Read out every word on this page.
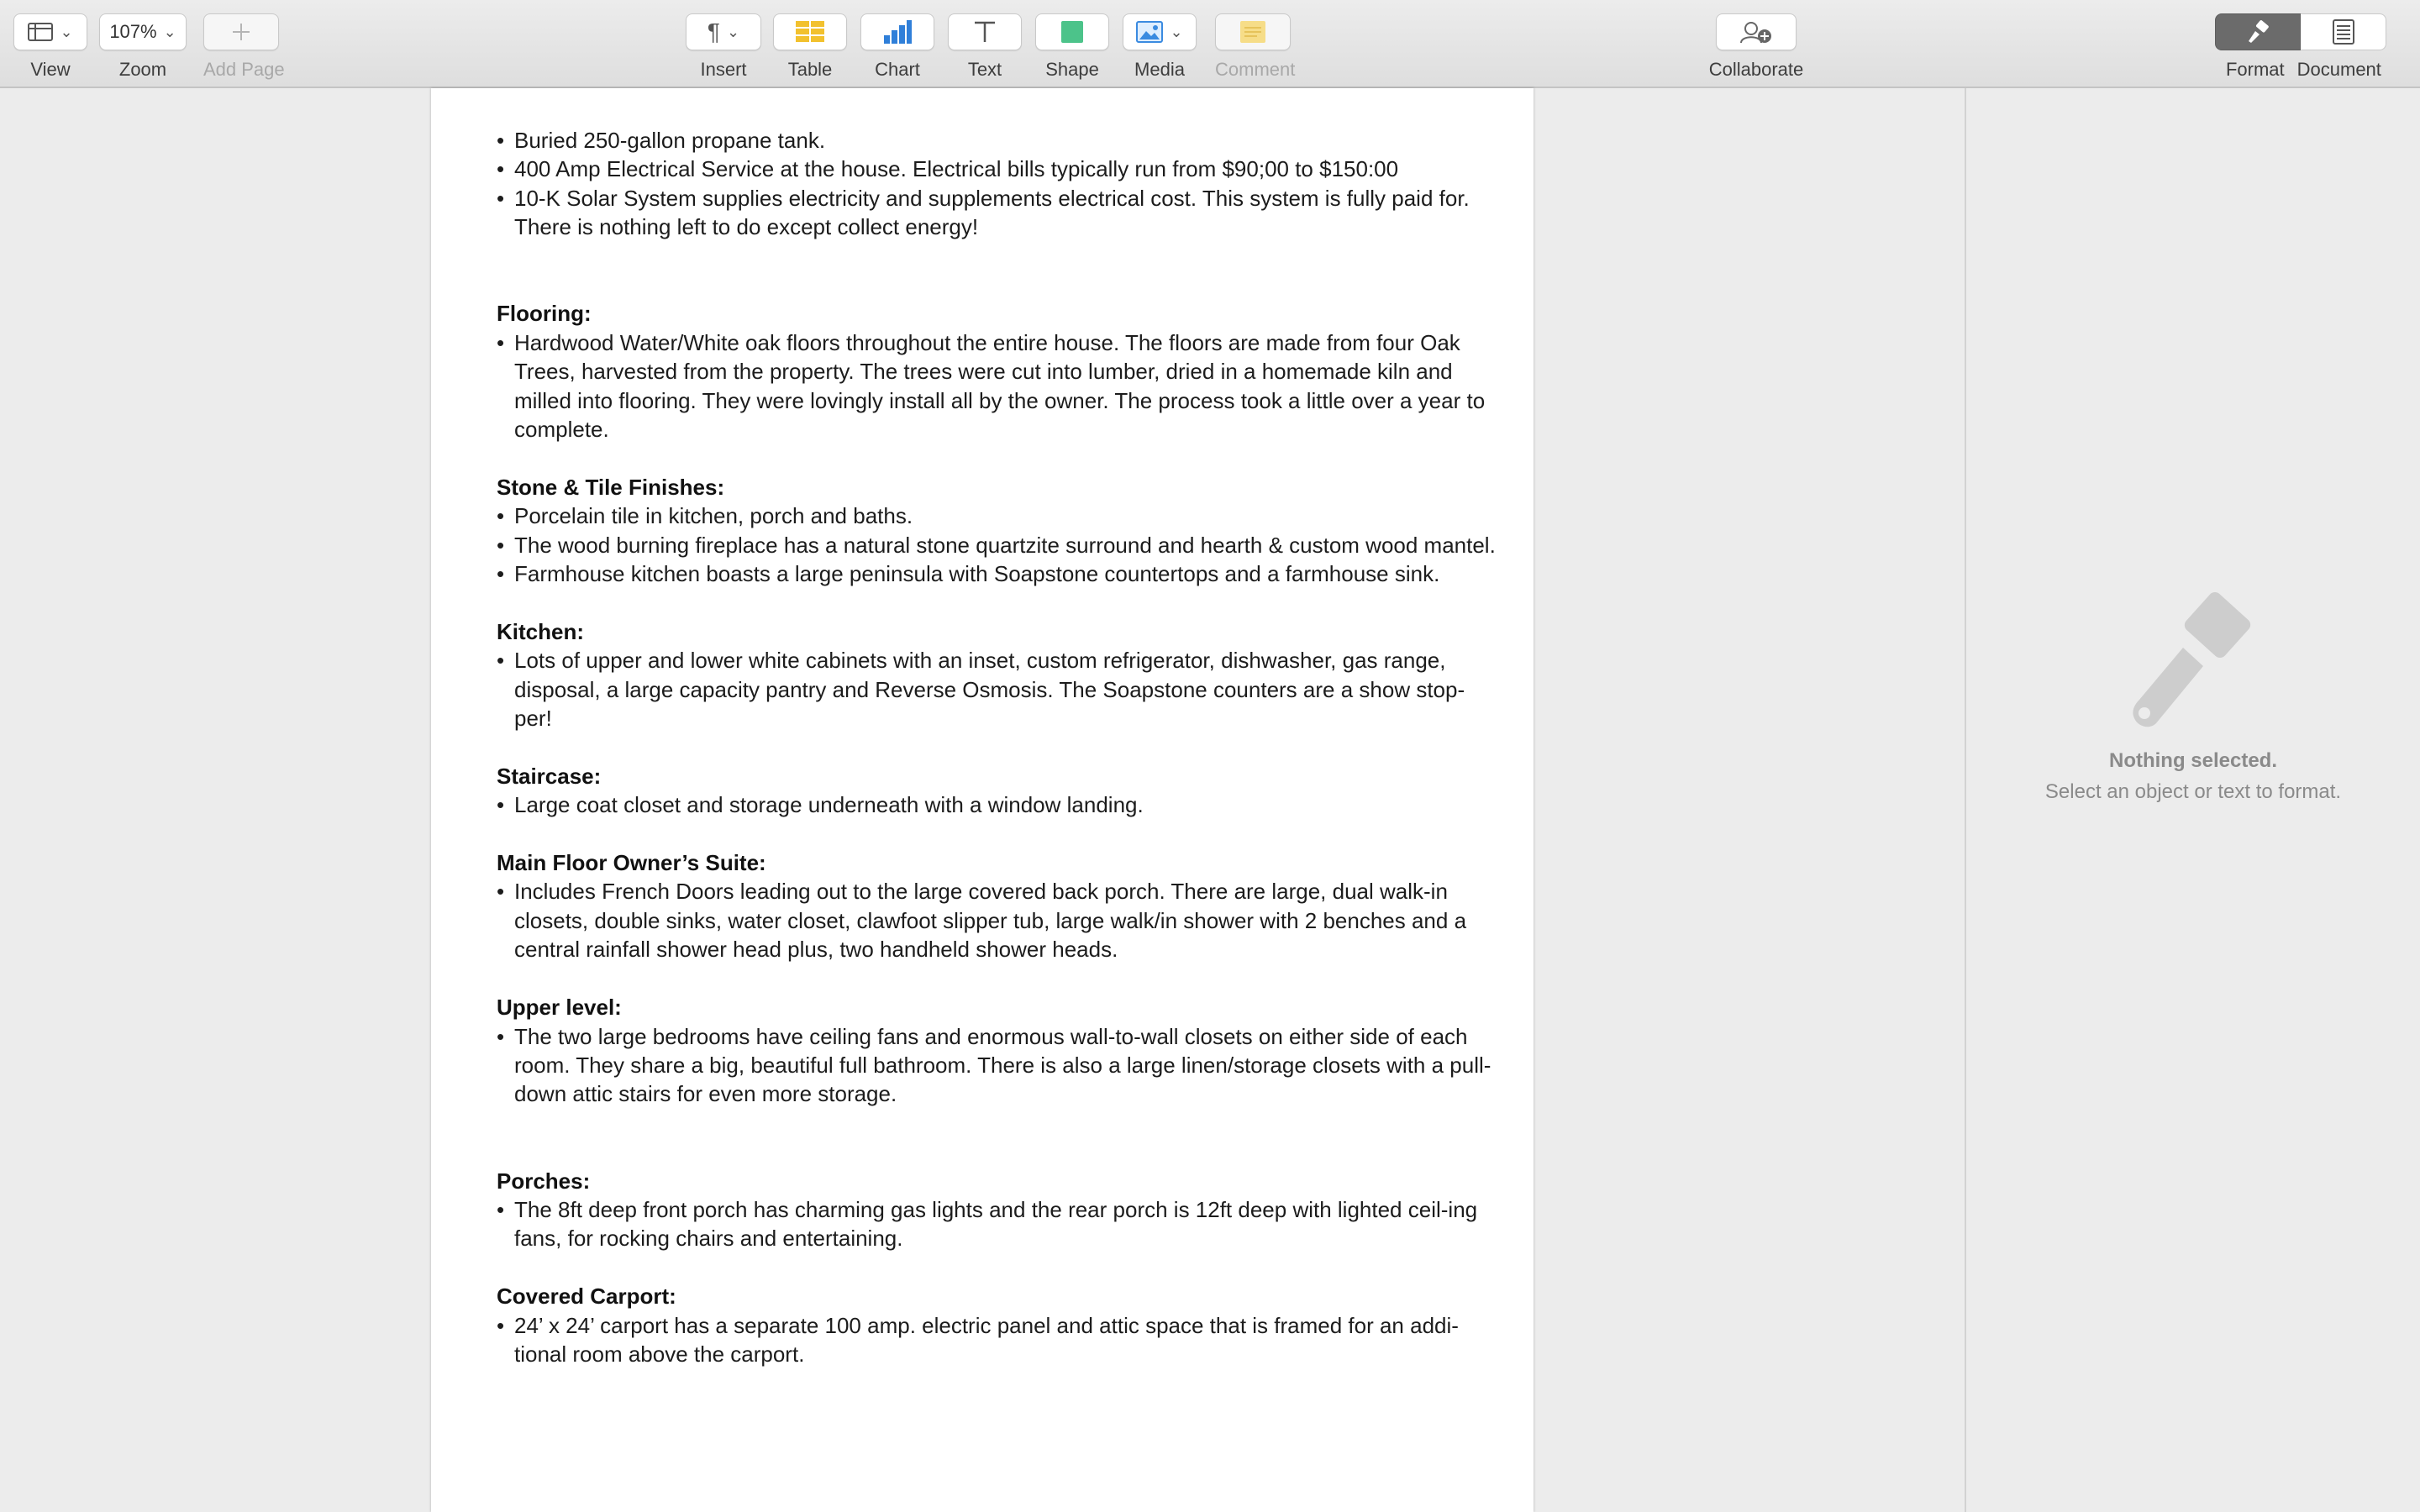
⌄
View
107% ⌄
Zoom	Add Page
¶ ⌄
Insert	Table	Chart	Text	Shape
⌄
Media	Comment	Collaborate	Format Document
• Buried 250-gallon propane tank.
• 400 Amp Electrical Service at the house. Electrical bills typically run from $90;00 to $150:00
• 10-K Solar System supplies electricity and supplements electrical cost. This system is fully paid for. There is nothing left to do except collect energy!
Flooring:
• Hardwood Water/White oak floors throughout the entire house. The floors are made from four Oak Trees, harvested from the property. The trees were cut into lumber, dried in a homemade kiln and milled into flooring. They were lovingly install all by the owner. The process took a little over a year to complete.
Stone & Tile Finishes:
• Porcelain tile in kitchen, porch and baths.
• The wood burning fireplace has a natural stone quartzite surround and hearth & custom wood mantel.
• Farmhouse kitchen boasts a large peninsula with Soapstone countertops and a farmhouse sink.
Kitchen:
• Lots of upper and lower white cabinets with an inset, custom refrigerator, dishwasher, gas range, disposal, a large capacity pantry and Reverse Osmosis. The Soapstone counters are a show stop-per!
Staircase:
• Large coat closet and storage underneath with a window landing.
Main Floor Owner’s Suite:
• Includes French Doors leading out to the large covered back porch. There are large, dual walk-in closets, double sinks, water closet, clawfoot slipper tub, large walk/in shower with 2 benches and a central rainfall shower head plus, two handheld shower heads.
Upper level:
• The two large bedrooms have ceiling fans and enormous wall-to-wall closets on either side of each room. They share a big, beautiful full bathroom. There is also a large linen/storage closets with a pull-down attic stairs for even more storage.
Porches:
• The 8ft deep front porch has charming gas lights and the rear porch is 12ft deep with lighted ceil-ing fans, for rocking chairs and entertaining.
Covered Carport:
• 24’ x 24’ carport has a separate 100 amp. electric panel and attic space that is framed for an addi-tional room above the carport.
Nothing selected.
Select an object or text to format.
